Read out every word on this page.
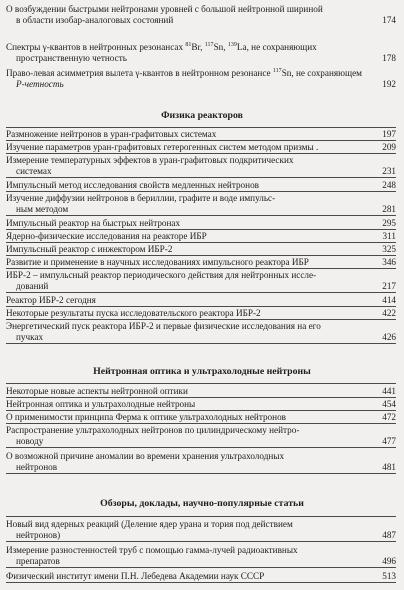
О возбуждении быстрыми нейтронами уровней с большой нейтронной шириной
в области изобар-аналоговых состояний	174
Спектры γ-квантов в нейтронных резонансах $^{81}$Br, $^{117}$Sn, $^{139}$La, не сохраняющих
пространственную четность	178
Право-левая асимметрия вылета γ-квантов в нейтронном резонансе $^{117}$Sn, не сохраняющем
P-четность	192
Физика реакторов
Размножение нейтронов в уран-графитовых системах	197
Изучение параметров уран-графитовых гетерогенных систем методом призмы .	209
Измерение температурных эффектов в уран-графитовых подкритических
системах	231
Импульсный метод исследования свойств медленных нейтронов	248
Изучение диффузии нейтронов в бериллии, графите и воде импульс-
ным методом	281
Импульсный реактор на быстрых нейтронах	295
Ядерно-физические исследования на реакторе ИБР	311
Импульсный реактор с инжектором ИБР-2	325
Развитие и применение в научных исследованиях импульсного реактора ИБР	346
ИБР-2 – импульсный реактор периодического действия для нейтронных иссле-
дований	217
Реактор ИБР-2 сегодня	414
Некоторые результаты пуска исследовательского реактора ИБР-2	422
Энергетический пуск реактора ИБР-2 и первые физические исследования на его
пучках	426
Нейтронная оптика и ультрахолодные нейтроны
Некоторые новые аспекты нейтронной оптики	441
Нейтронная оптика и ультрахолодные нейтроны	454
О применимости принципа Ферма к оптике ультрахолодных нейтронов	472
Распространение ультрахолодных нейтронов по цилиндрическому нейтро-
новоду	477
О возможной причине аномалии во времени хранения ультрахолодных
нейтронов	481
Обзоры, доклады, научно-популярные статьи
Новый вид ядерных реакций (Деление ядер урана и тория под действием
нейтронов)	487
Измерение разностенностей труб с помощью гамма-лучей радиоактивных
препаратов	496
Физический институт имени П.Н. Лебедева Академии наук СССР	513
